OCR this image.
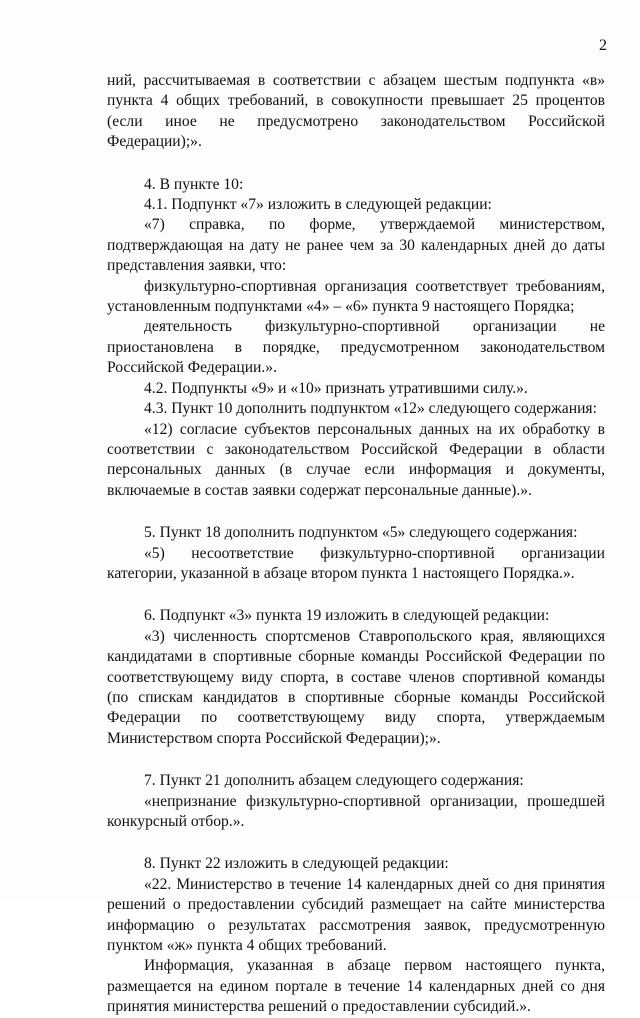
2

ний, рассчитываемая в соответствии с абзацем шестым подпункта «в» пункта 4 общих требований, в совокупности превышает 25 процентов (если иное не предусмотрено законодательством Российской Федерации);».

4. В пункте 10:

4.1. Подпункт «7» изложить в следующей редакции:

«7) справка, по форме, утверждаемой министерством, подтверждающая на дату не ранее чем за 30 календарных дней до даты представления заявки, что:

физкультурно-спортивная организация соответствует требованиям, установленным подпунктами «4» – «6» пункта 9 настоящего Порядка;

деятельность физкультурно-спортивной организации не приостановлена в порядке, предусмотренном законодательством Российской Федерации.».

4.2. Подпункты «9» и «10» признать утратившими силу.».

4.3. Пункт 10 дополнить подпунктом «12» следующего содержания:

«12) согласие субъектов персональных данных на их обработку в соответствии с законодательством Российской Федерации в области персональных данных (в случае если информация и документы, включаемые в состав заявки содержат персональные данные).».

5. Пункт 18 дополнить подпунктом «5» следующего содержания:

«5) несоответствие физкультурно-спортивной организации категории, указанной в абзаце втором пункта 1 настоящего Порядка.».

6. Подпункт «3» пункта 19 изложить в следующей редакции:

«3) численность спортсменов Ставропольского края, являющихся кандидатами в спортивные сборные команды Российской Федерации по соответствующему виду спорта, в составе членов спортивной команды (по спискам кандидатов в спортивные сборные команды Российской Федерации по соответствующему виду спорта, утверждаемым Министерством спорта Российской Федерации);».

7. Пункт 21 дополнить абзацем следующего содержания:

«непризнание физкультурно-спортивной организации, прошедшей конкурсный отбор.».

8. Пункт 22 изложить в следующей редакции:

«22. Министерство в течение 14 календарных дней со дня принятия решений о предоставлении субсидий размещает на сайте министерства информацию о результатах рассмотрения заявок, предусмотренную пунктом «ж» пункта 4 общих требований.

Информация, указанная в абзаце первом настоящего пункта, размещается на едином портале в течение 14 календарных дней со дня принятия министерства решений о предоставлении субсидий.».
